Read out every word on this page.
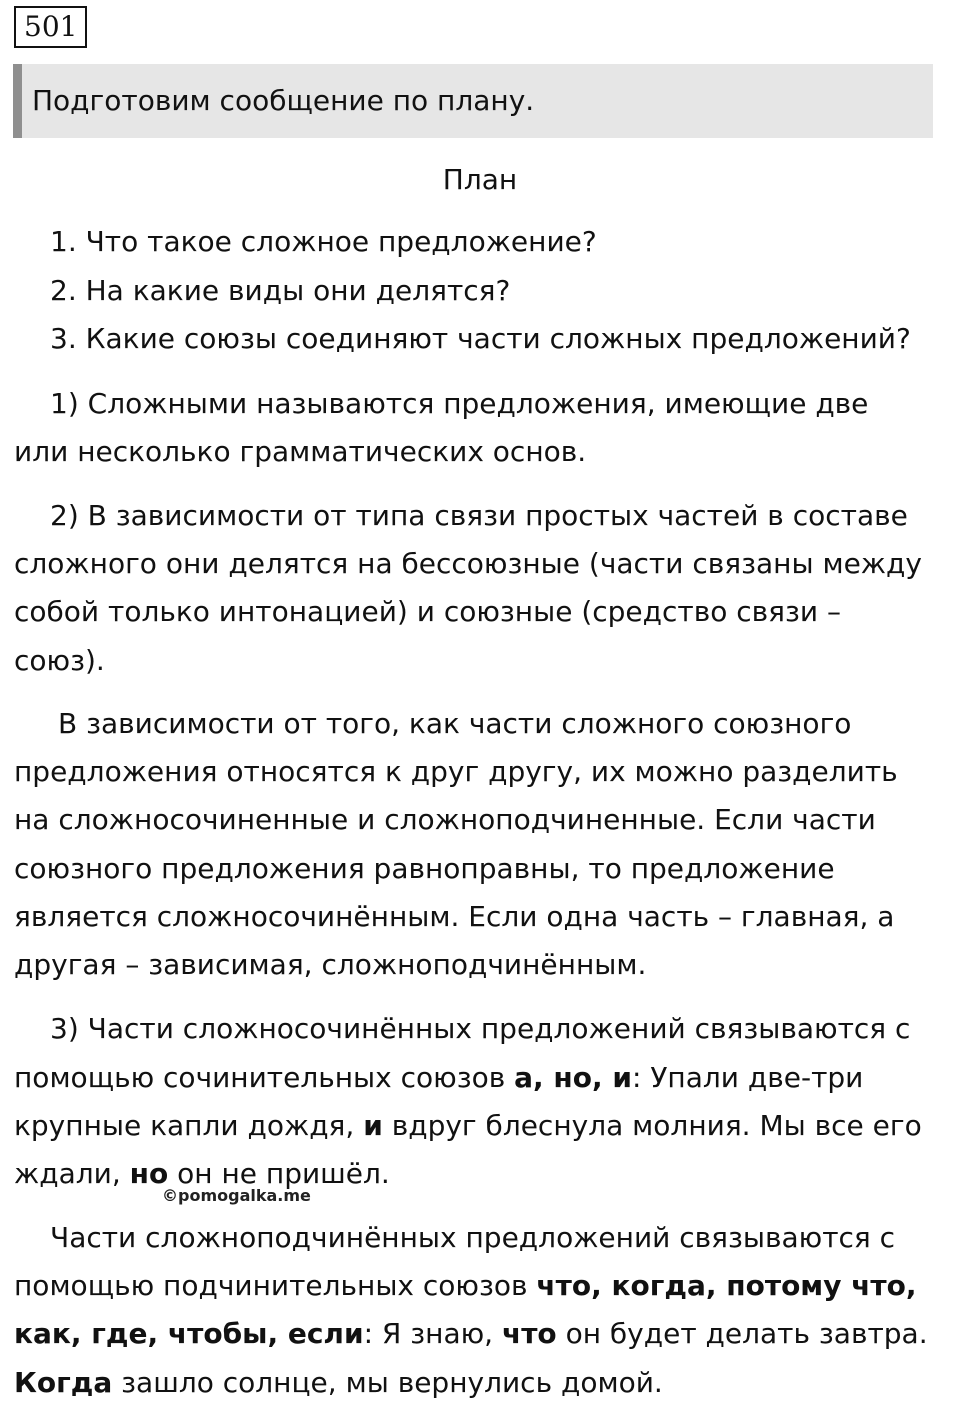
501
Подготовим сообщение по плану.
План
1. Что такое сложное предложение?
2. На какие виды они делятся?
3. Какие союзы соединяют части сложных предложений?
1) Сложными называются предложения, имеющие две
или несколько грамматических основ.
2) В зависимости от типа связи простых частей в составе
сложного они делятся на бессоюзные (части связаны между
собой только интонацией) и союзные (средство связи –
союз).
В зависимости от того, как части сложного союзного
предложения относятся к друг другу, их можно разделить
на сложносочиненные и сложноподчиненные. Если части
союзного предложения равноправны, то предложение
является сложносочинённым. Если одна часть – главная, а
другая – зависимая, сложноподчинённым.
3) Части сложносочинённых предложений связываются с
помощью сочинительных союзов а, но, и: Упали две-три
крупные капли дождя, и вдруг блеснула молния. Мы все его
ждали, но он не пришёл.
©pomogalka.me
Части сложноподчинённых предложений связываются с
помощью подчинительных союзов что, когда, потому что,
как, где, чтобы, если: Я знаю, что он будет делать завтра.
Когда зашло солнце, мы вернулись домой.
